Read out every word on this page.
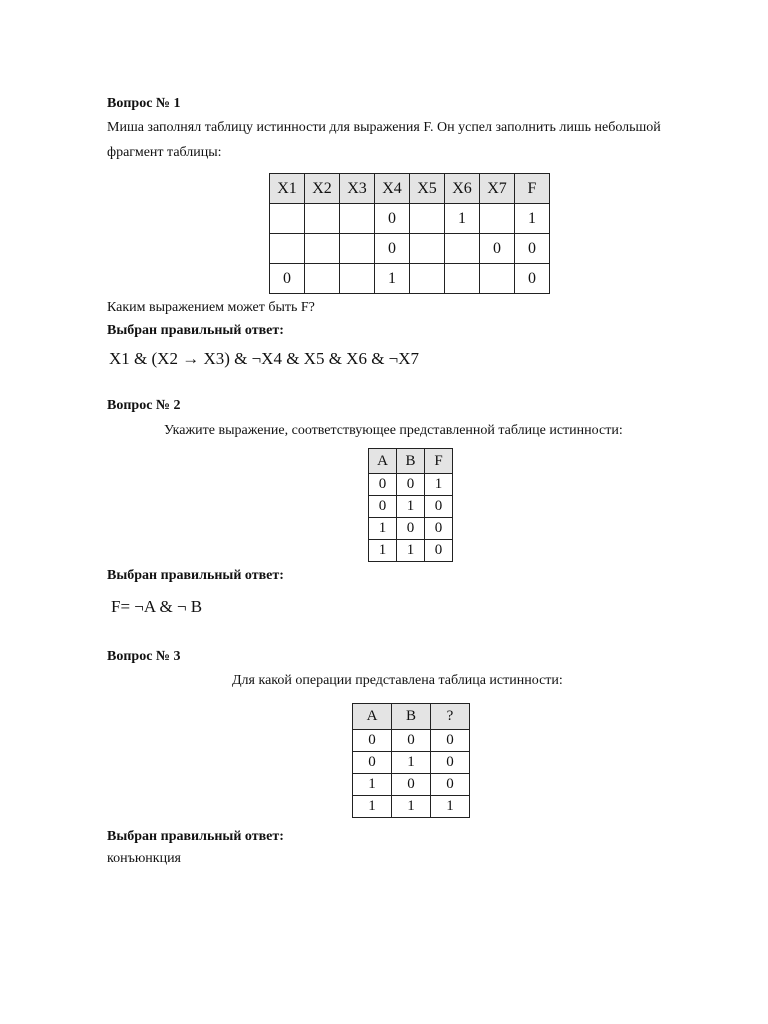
Вопрос № 1
Миша заполнял таблицу истинности для выражения F. Он успел заполнить лишь небольшой
фрагмент таблицы:
X1	X2	X3	X4	X5	X6	X7	F
			0		1		1
			0			0	0
0			1				0
Каким выражением может быть F?
Выбран правильный ответ:
X1 & (X2 → X3) & ¬X4 & X5 & X6 & ¬X7
Вопрос № 2
Укажите выражение, соответствующее представленной таблице истинности:
A	B	F
0	0	1
0	1	0
1	0	0
1	1	0
Выбран правильный ответ:
F= ¬A & ¬ B
Вопрос № 3
Для какой операции представлена таблица истинности:
A	B	?
0	0	0
0	1	0
1	0	0
1	1	1
Выбран правильный ответ:
конъюнкция
